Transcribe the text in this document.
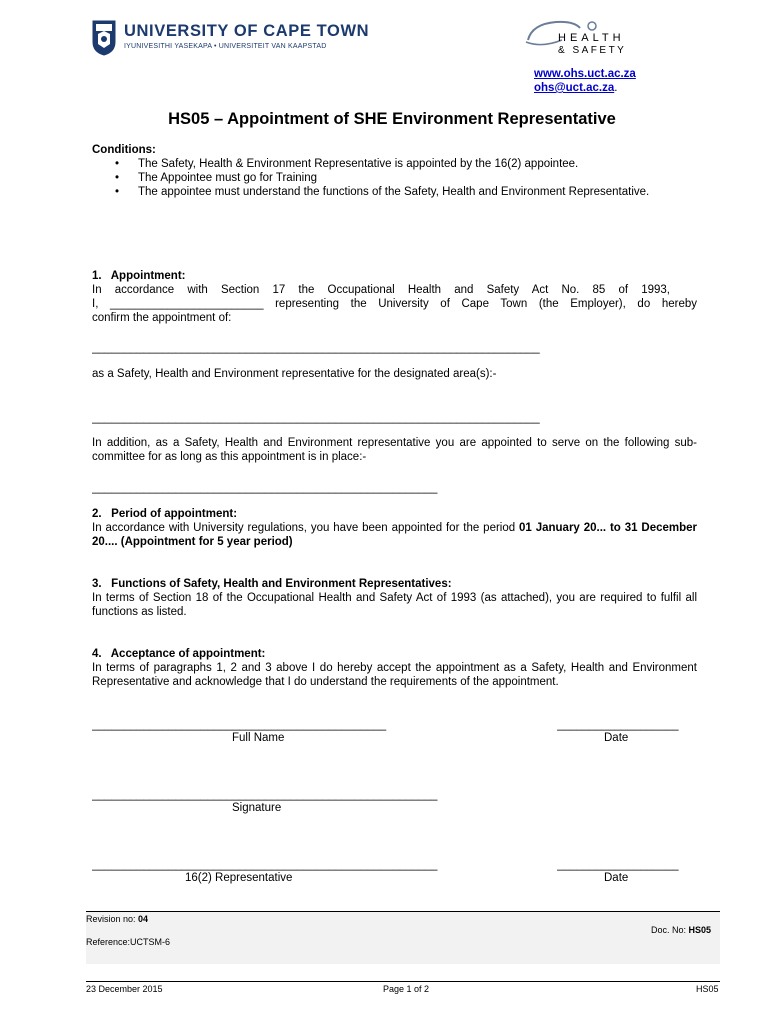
UNIVERSITY OF CAPE TOWN
IYUNIVESITHI YASEKAPA • UNIVERSITEIT VAN KAAPSTAD
HEALTH
& SAFETY
www.ohs.uct.ac.za
ohs@uct.ac.za.
HS05 – Appointment of SHE Environment Representative
Conditions:
• The Safety, Health & Environment Representative is appointed by the 16(2) appointee.
• The Appointee must go for Training
• The appointee must understand the functions of the Safety, Health and Environment Representative.
1.   Appointment:
In accordance with Section 17 the Occupational Health and Safety Act No. 85 of 1993,
I, ________________________ representing the University of Cape Town (the Employer), do hereby
confirm the appointment of:
______________________________________________________________________
as a Safety, Health and Environment representative for the designated area(s):-
______________________________________________________________________
In addition, as a Safety, Health and Environment representative you are appointed to serve on the following sub-committee for as long as this appointment is in place:-
______________________________________________________
2.   Period of appointment:
In accordance with University regulations, you have been appointed for the period 01 January 20... to 31 December 20.... (Appointment for 5 year period)
3.   Functions of Safety, Health and Environment Representatives:
In terms of Section 18 of the Occupational Health and Safety Act of 1993 (as attached), you are required to fulfil all functions as listed.
4.   Acceptance of appointment:
In terms of paragraphs 1, 2 and 3 above I do hereby accept the appointment as a Safety, Health and Environment Representative and acknowledge that I do understand the requirements of the appointment.
______________________________________________	___________________
Full Name	Date
______________________________________________________
Signature
______________________________________________________	___________________
16(2) Representative	Date
Revision no: 04
Doc. No: HS05
Reference:UCTSM-6
23 December 2015	Page 1 of 2	HS05
